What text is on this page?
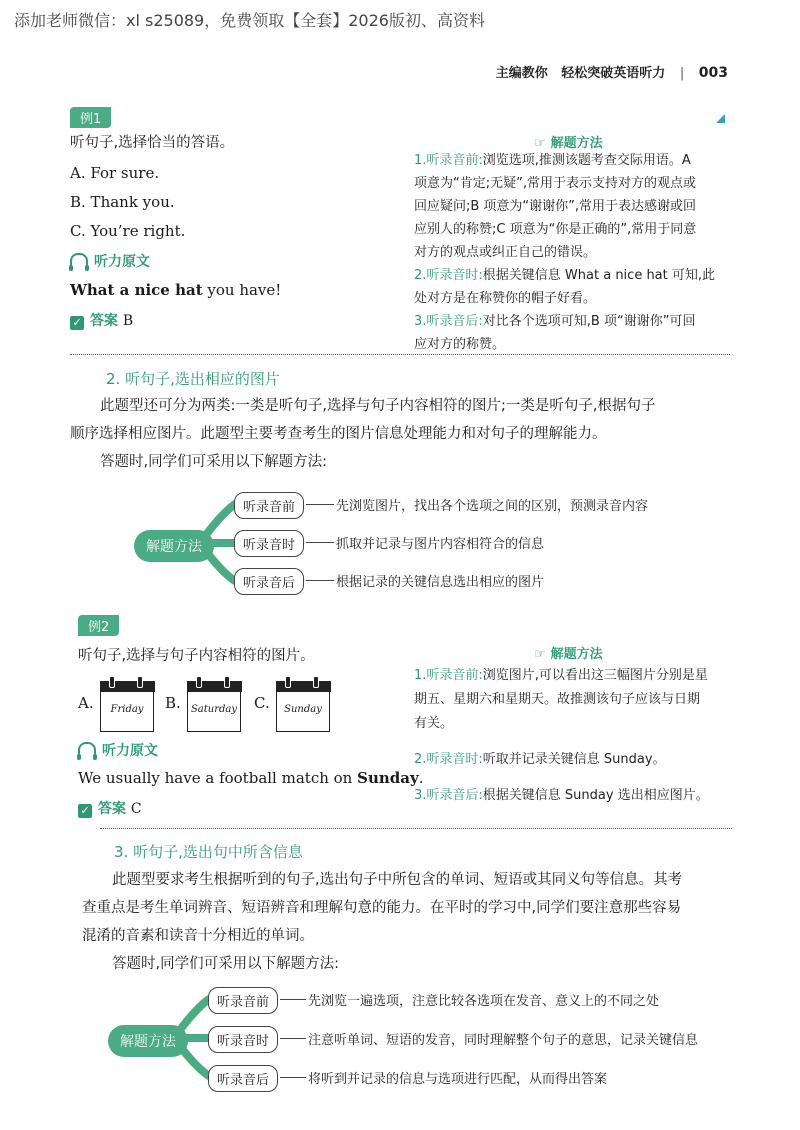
添加老师微信：xl s25089，免费领取【全套】2026版初、高资料
主编教你 轻松突破英语听力 | 003
例1
听句子,选择恰当的答语。
A. For sure.
B. Thank you.
C. You’re right.
听力原文
What a nice hat you have!
✓ 答案 B
☞ 解题方法
1.听录音前:浏览选项,推测该题考查交际用语。A
项意为“肯定;无疑”,常用于表示支持对方的观点或
回应疑问;B 项意为“谢谢你”,常用于表达感谢或回
应别人的称赞;C 项意为“你是正确的”,常用于同意
对方的观点或纠正自己的错误。
2.听录音时:根据关键信息 What a nice hat 可知,此
处对方是在称赞你的帽子好看。
3.听录音后:对比各个选项可知,B 项“谢谢你”可回
应对方的称赞。
2. 听句子,选出相应的图片
此题型还可分为两类:一类是听句子,选择与句子内容相符的图片;一类是听句子,根据句子
顺序选择相应图片。此题型主要考查考生的图片信息处理能力和对句子的理解能力。
答题时,同学们可采用以下解题方法:
解题方法
听录音前
听录音时
听录音后
先浏览图片，找出各个选项之间的区别，预测录音内容
抓取并记录与图片内容相符合的信息
根据记录的关键信息选出相应的图片
例2
听句子,选择与句子内容相符的图片。
A.	Friday	B. Saturday C.	Sunday
听力原文
We usually have a football match on Sunday.
✓ 答案 C
☞ 解题方法
1.听录音前:浏览图片,可以看出这三幅图片分别是星
期五、星期六和星期天。故推测该句子应该与日期
有关。
2.听录音时:听取并记录关键信息 Sunday。
3.听录音后:根据关键信息 Sunday 选出相应图片。
3. 听句子,选出句中所含信息
此题型要求考生根据听到的句子,选出句子中所包含的单词、短语或其同义句等信息。其考
查重点是考生单词辨音、短语辨音和理解句意的能力。在平时的学习中,同学们要注意那些容易
混淆的音素和读音十分相近的单词。
答题时,同学们可采用以下解题方法:
解题方法
听录音前
听录音时
听录音后
先浏览一遍选项，注意比较各选项在发音、意义上的不同之处
注意听单词、短语的发音，同时理解整个句子的意思，记录关键信息
将听到并记录的信息与选项进行匹配，从而得出答案
